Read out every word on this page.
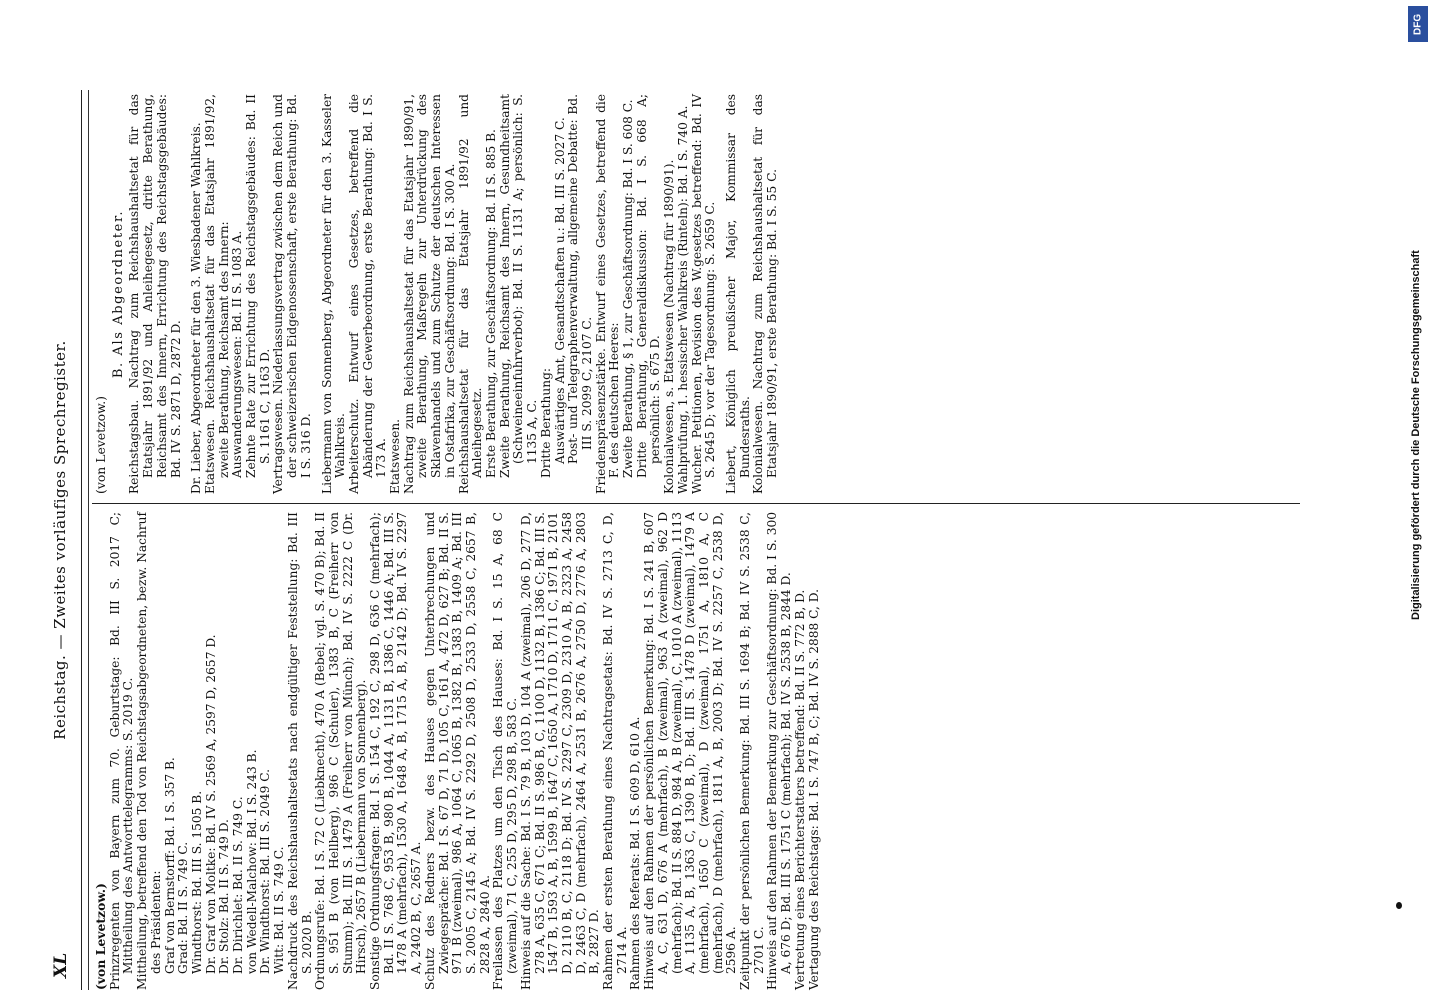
XL
Reichstag. — Zweites vorläufiges Sprechregister.

(von Levetzow.) Prinzregenten von Bayern zum 70. Geburtstage: Bd. III S. 2017 C; Mittheilung des Antworttelegramms: S. 2019 C. Mittheilung, betreffend den Tod von Reichstagsabgeordneten, bezw. Nachruf des Präsidenten: Graf von Bernstorff: Bd. I S. 357 B. Grad: Bd. II S. 749 C. Windthorst: Bd. III S. 1505 B. Dr. Graf von Moltke: Bd. IV S. 2569 A, 2597 D, 2657 D. Dr. Stolz: Bd. II S. 749 D. Dr. Dirichlet: Bd. II S. 749 C. von Wedell-Malchow: Bd. I S. 243 B. Dr. Windthorst: Bd. III S. 2049 C. Witt: Bd. II S. 749 C. Nachdruck des Reichshaushaltsetats nach endgültiger Feststellung: Bd. III S. 2020 B. Ordnungsrufe: Bd. I S. 72 C (Liebknecht), 470 A (Bebel; vgl. S. 470 B); Bd. II S. 951 B (von Hellberg), 986 C (Schuler), 1383 B, C (Freiherr von Stumm); Bd. III S. 1479 A (Freiherr von Münch); Bd. IV S. 2222 C (Dr. Hirsch), 2657 B (Liebermann von Sonnenberg). Sonstige Ordnungsfragen: Bd. I S. 154 C, 192 C, 298 D, 636 C (mehrfach); Bd. II S. 768 C, 953 B, 980 B, 1044 A, 1131 B, 1386 C, 1446 A; Bd. III S. 1478 A (mehrfach), 1530 A, 1648 A, B, 1715 A, B, 2142 D; Bd. IV S. 2297 A, 2402 B, C, 2657 A. Schutz des Redners bezw. des Hauses gegen Unterbrechungen und Zwiegespräche: Bd. I S. 67 D, 71 D, 105 C, 161 A, 472 D, 627 B; Bd. II S. 971 B (zweimal), 986 A, 1064 C, 1065 B, 1382 B, 1383 B, 1409 A; Bd. III S. 2005 C, 2145 A; Bd. IV S. 2292 D, 2508 D, 2533 D, 2558 C, 2657 B, 2828 A, 2840 A. Freilassen des Platzes um den Tisch des Hauses: Bd. I S. 15 A, 68 C (zweimal), 71 C, 255 D, 295 D, 298 B, 583 C. Hinweis auf die Sache: Bd. I S. 79 B, 103 D, 104 A (zweimal), 206 D, 277 D, 278 A, 635 C, 671 C; Bd. II S. 986 B, C, 1100 D, 1132 B, 1386 C; Bd. III S. 1547 B, 1593 A, B, 1599 B, 1647 C, 1650 A, 1710 D, 1711 C, 1971 B, 2101 D, 2110 B, C, 2118 D; Bd. IV S. 2297 C, 2309 D, 2310 A, B, 2323 A, 2458 D, 2463 C, D (mehrfach), 2464 A, 2531 B, 2676 A, 2750 D, 2776 A, 2803 B, 2827 D. Rahmen der ersten Berathung eines Nachtragsetats: Bd. IV S. 2713 C, D, 2714 A. Rahmen des Referats: Bd. I S. 609 D, 610 A. Hinweis auf den Rahmen der persönlichen Bemerkung: Bd. I S. 241 B, 607 A, C, 631 D, 676 A (mehrfach), B (zweimal), 963 A (zweimal), 962 D (mehrfach); Bd. II S. 884 D, 984 A, B (zweimal), C, 1010 A (zweimal), 1113 A, 1135 A, B, 1363 C, 1390 B, D; Bd. III S. 1478 D (zweimal), 1479 A (mehrfach), 1650 C (zweimal), D (zweimal), 1751 A, 1810 A, C (mehrfach), D (mehrfach), 1811 A, B, 2003 D; Bd. IV S. 2257 C, 2538 D, 2596 A. Zeitpunkt der persönlichen Bemerkung: Bd. III S. 1694 B; Bd. IV S. 2538 C, 2701 C. Hinweis auf den Rahmen der Bemerkung zur Geschäftsordnung: Bd. I S. 300 A, 676 D; Bd. III S. 1751 C (mehrfach); Bd. IV S. 2538 B, 2844 D. Vertretung eines Berichterstatters betreffend: Bd. II S. 772 B, D. Vertagung des Reichstags: Bd. I S. 747 B, C; Bd. IV S. 2888 C, D.

(von Levetzow.)

B. Als Abgeordneter. Reichstagsbau. Nachtrag zum Reichshaushaltsetat für das Etatsjahr 1891/92 und Anleihegesetz, dritte Berathung, Reichsamt des Innern, Errichtung des Reichstagsgebäudes: Bd. IV S. 2871 D, 2872 D. Dr. Lieber, Abgeordneter für den 3. Wiesbadener Wahlkreis. Etatswesen. Reichshaushaltsetat für das Etatsjahr 1891/92, zweite Berathung, Reichsamt des Innern: Auswanderungswesen: Bd. II S. 1083 A. Zehnte Rate zur Errichtung des Reichstagsgebäudes: Bd. II S. 1161 C, 1163 D. Vertragswesen. Niederlassungsvertrag zwischen dem Reich und der schweizerischen Eidgenossenschaft, erste Berathung: Bd. I S. 316 D. Liebermann von Sonnenberg, Abgeordneter für den 3. Kasseler Wahlkreis. Arbeiterschutz. Entwurf eines Gesetzes, betreffend die Abänderung der Gewerbeordnung, erste Berathung: Bd. I S. 173 A. Etatswesen. Nachtrag zum Reichshaushaltsetat für das Etatsjahr 1890/91, zweite Berathung, Maßregeln zur Unterdrückung des Sklavenhandels und zum Schutze der deutschen Interessen in Ostafrika, zur Geschäftsordnung: Bd. I S. 300 A. Reichshaushaltsetat für das Etatsjahr 1891/92 und Anleihegesetz. Erste Berathung, zur Geschäftsordnung: Bd. II S. 885 B. Zweite Berathung, Reichsamt des Innern, Gesundheitsamt (Schweineeinfuhrverbot): Bd. II S. 1131 A; persönlich: S. 1135 A, C. Dritte Berathung: Auswärtiges Amt, Gesandtschaften u.: Bd. III S. 2027 C. Post- und Telegraphenverwaltung, allgemeine Debatte: Bd. III S. 2099 C, 2107 C. Friedenspräsenzstärke. Entwurf eines Gesetzes, betreffend die F. des deutschen Heeres: Zweite Berathung, § 1, zur Geschäftsordnung: Bd. I S. 608 C. Dritte Berathung, Generaldiskussion: Bd. I S. 668 A; persönlich: S. 675 D. Kolonialwesen, s. Etatswesen (Nachtrag für 1890/91). Wahlprüfung, 1. hessischer Wahlkreis (Rinteln): Bd. I S. 740 A. Wucher. Petitionen, Revision des W.gesetzes betreffend: Bd. IV S. 2645 D; vor der Tagesordnung: S. 2659 C. Liebert, Königlich preußischer Major, Kommissar des Bundesraths. Kolonialwesen. Nachtrag zum Reichshaushaltsetat für das Etatsjahr 1890/91, erste Berathung: Bd. I S. 55 C.

DFG
Digitalisierung gefördert durch die Deutsche Forschungsgemeinschaft
